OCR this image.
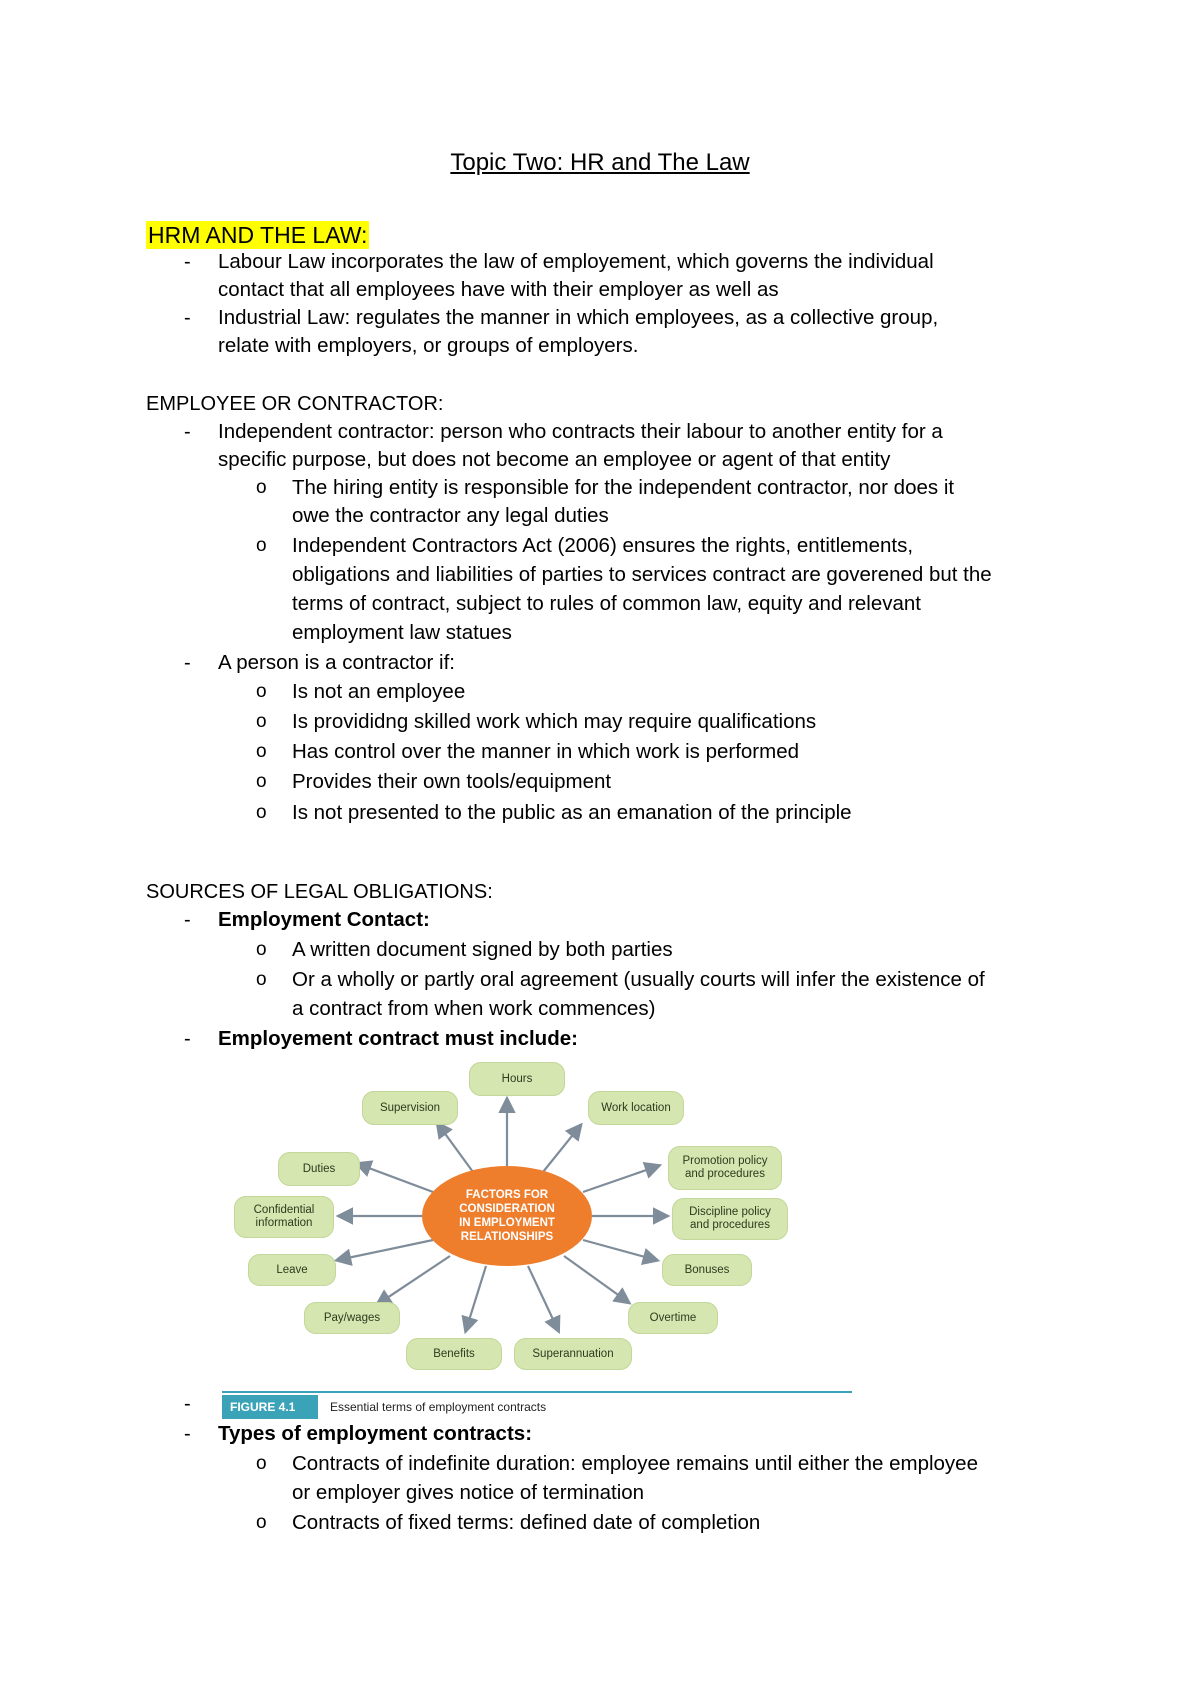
Topic Two: HR and The Law
HRM AND THE LAW:
- Labour Law incorporates the law of employement, which governs the individual
contact that all employees have with their employer as well as
- Industrial Law: regulates the manner in which employees, as a collective group,
relate with employers, or groups of employers.
EMPLOYEE OR CONTRACTOR:
- Independent contractor: person who contracts their labour to another entity for a
specific purpose, but does not become an employee or agent of that entity
o The hiring entity is responsible for the independent contractor, nor does it
owe the contractor any legal duties
o Independent Contractors Act (2006) ensures the rights, entitlements,
obligations and liabilities of parties to services contract are goverened but the
terms of contract, subject to rules of common law, equity and relevant
employment law statues
- A person is a contractor if:
o Is not an employee
o Is provididng skilled work which may require qualifications
o Has control over the manner in which work is performed
o Provides their own tools/equipment
o Is not presented to the public as an emanation of the principle
SOURCES OF LEGAL OBLIGATIONS:
- Employment Contact:
o A written document signed by both parties
o Or a wholly or partly oral agreement (usually courts will infer the existence of
a contract from when work commences)
- Employement contract must include:
FACTORS FOR
CONSIDERATION
IN EMPLOYMENT
RELATIONSHIPS
Hours
Supervision	Work location
Duties
Promotion policy
and procedures
Confidential
information
Discipline policy
and procedures
Leave	Bonuses
Pay/wages	Overtime
Benefits	Superannuation
FIGURE 4.1	Essential terms of employment contracts
-
- Types of employment contracts:
o Contracts of indefinite duration: employee remains until either the employee
or employer gives notice of termination
o Contracts of fixed terms: defined date of completion
